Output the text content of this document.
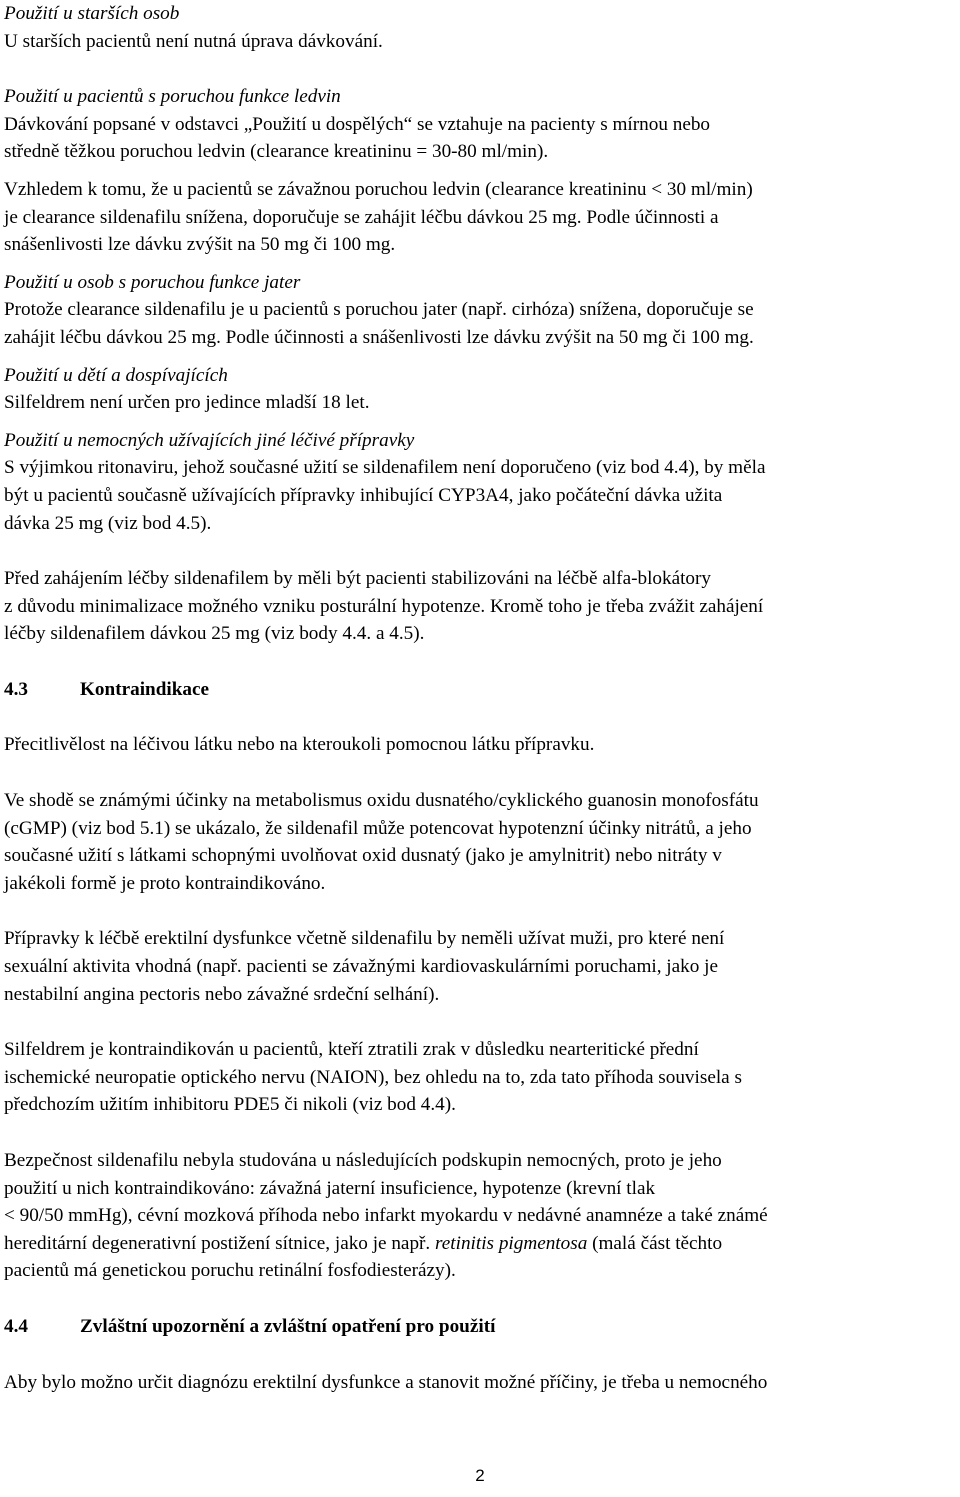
Použití u starších osob

U starších pacientů není nutná úprava dávkování.

Použití u pacientů s poruchou funkce ledvin

Dávkování popsané v odstavci „Použití u dospělých“ se vztahuje na pacienty s mírnou nebo

středně těžkou poruchou ledvin (clearance kreatininu = 30-80 ml/min).

Vzhledem k tomu, že u pacientů se závažnou poruchou ledvin (clearance kreatininu < 30 ml/min)

je clearance sildenafilu snížena, doporučuje se zahájit léčbu dávkou 25 mg. Podle účinnosti a

snášenlivosti lze dávku zvýšit na 50 mg či 100 mg.

Použití u osob s poruchou funkce jater

Protože clearance sildenafilu je u pacientů s poruchou jater (např. cirhóza) snížena, doporučuje se

zahájit léčbu dávkou 25 mg. Podle účinnosti a snášenlivosti lze dávku zvýšit na 50 mg či 100 mg.

Použití u dětí a dospívajících

Silfeldrem není určen pro jedince mladší 18 let.

Použití u nemocných užívajících jiné léčivé přípravky

S výjimkou ritonaviru, jehož současné užití se sildenafilem není doporučeno (viz bod 4.4), by měla

být u pacientů současně užívajících přípravky inhibující CYP3A4, jako počáteční dávka užita

dávka 25 mg (viz bod 4.5).

Před zahájením léčby sildenafilem by měli být pacienti stabilizováni na léčbě alfa-blokátory

z důvodu minimalizace možného vzniku posturální hypotenze. Kromě toho je třeba zvážit zahájení

léčby sildenafilem dávkou 25 mg (viz body 4.4. a 4.5).

4.3	Kontraindikace

Přecitlivělost na léčivou látku nebo na kteroukoli pomocnou látku přípravku.

Ve shodě se známými účinky na metabolismus oxidu dusnatého/cyklického guanosin monofosfátu

(cGMP) (viz bod 5.1) se ukázalo, že sildenafil může potencovat hypotenzní účinky nitrátů, a jeho

současné užití s látkami schopnými uvolňovat oxid dusnatý (jako je amylnitrit) nebo nitráty v

jakékoli formě je proto kontraindikováno.

Přípravky k léčbě erektilní dysfunkce včetně sildenafilu by neměli užívat muži, pro které není

sexuální aktivita vhodná (např. pacienti se závažnými kardiovaskulárními poruchami, jako je

nestabilní angina pectoris nebo závažné srdeční selhání).

Silfeldrem je kontraindikován u pacientů, kteří ztratili zrak v důsledku nearteritické přední

ischemické neuropatie optického nervu (NAION), bez ohledu na to, zda tato příhoda souvisela s

předchozím užitím inhibitoru PDE5 či nikoli (viz bod 4.4).

Bezpečnost sildenafilu nebyla studována u následujících podskupin nemocných, proto je jeho

použití u nich kontraindikováno: závažná jaterní insuficience, hypotenze (krevní tlak

< 90/50 mmHg), cévní mozková příhoda nebo infarkt myokardu v nedávné anamnéze a také známé

hereditární degenerativní postižení sítnice, jako je např. retinitis pigmentosa (malá část těchto

pacientů má genetickou poruchu retinální fosfodiesterázy).

4.4	Zvláštní upozornění a zvláštní opatření pro použití

Aby bylo možno určit diagnózu erektilní dysfunkce a stanovit možné příčiny, je třeba u nemocného

2
